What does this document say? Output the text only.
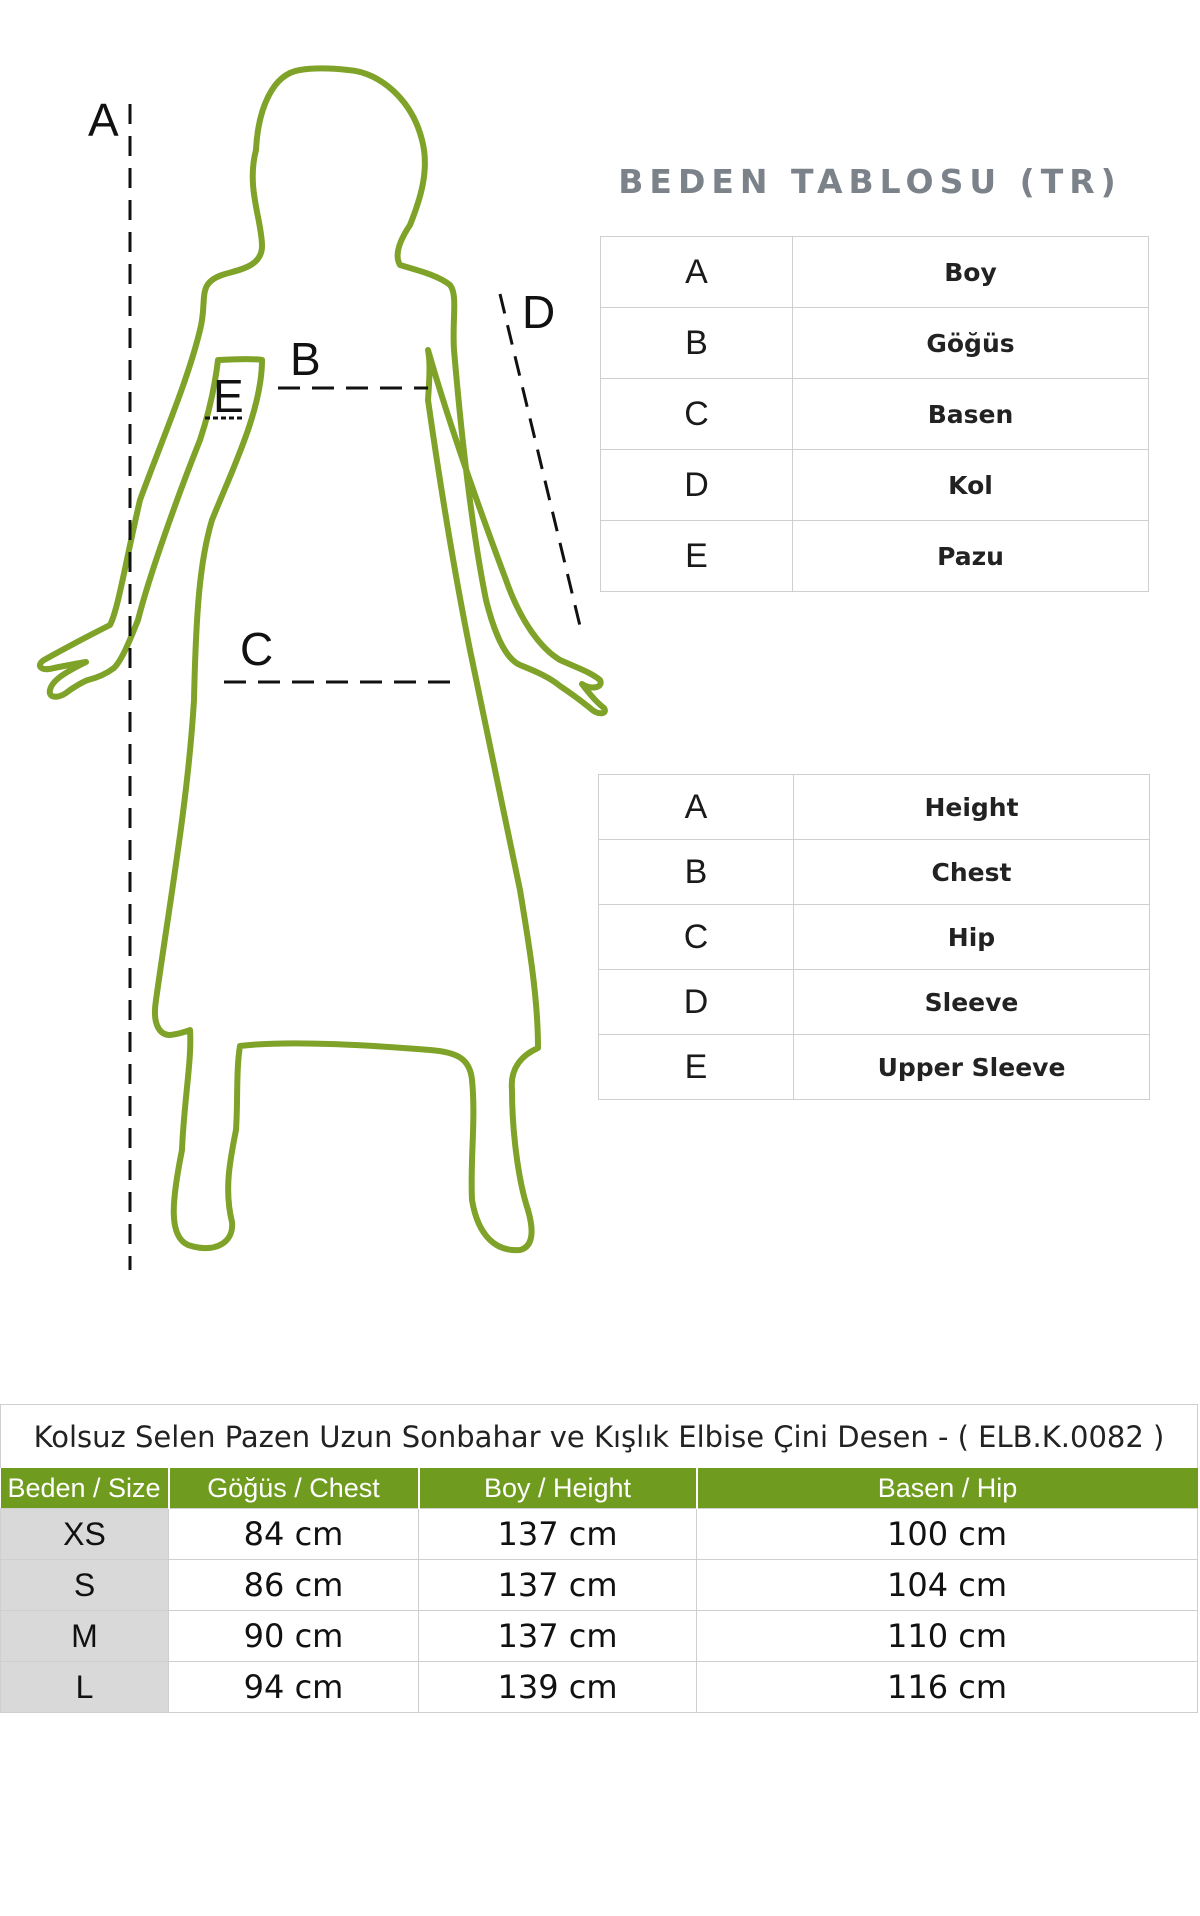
A
B
E
D
C
BEDEN TABLOSU (TR)
A	Boy
B	Göğüs
C	Basen
D	Kol
E	Pazu
A	Height
B	Chest
C	Hip
D	Sleeve
E	Upper Sleeve
Kolsuz Selen Pazen Uzun Sonbahar ve Kışlık Elbise Çini Desen - ( ELB.K.0082 )
Beden / Size	Göğüs / Chest	Boy / Height	Basen / Hip
XS	84 cm	137 cm	100 cm
S	86 cm	137 cm	104 cm
M	90 cm	137 cm	110 cm
L	94 cm	139 cm	116 cm
